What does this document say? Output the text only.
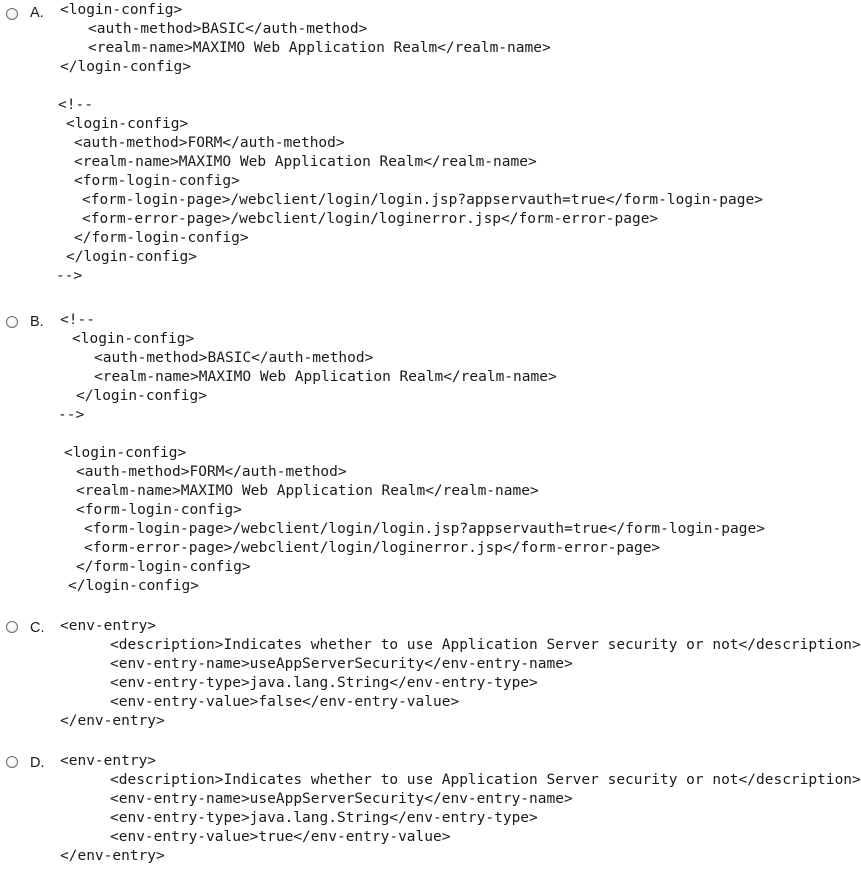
A. <login-config>
<auth-method>BASIC</auth-method>
<realm-name>MAXIMO Web Application Realm</realm-name>
</login-config>
<!--
<login-config>
<auth-method>FORM</auth-method>
<realm-name>MAXIMO Web Application Realm</realm-name>
<form-login-config>
<form-login-page>/webclient/login/login.jsp?appservauth=true</form-login-page>
<form-error-page>/webclient/login/loginerror.jsp</form-error-page>
</form-login-config>
</login-config>
-->
B. <!--
<login-config>
<auth-method>BASIC</auth-method>
<realm-name>MAXIMO Web Application Realm</realm-name>
</login-config>
-->
<login-config>
<auth-method>FORM</auth-method>
<realm-name>MAXIMO Web Application Realm</realm-name>
<form-login-config>
<form-login-page>/webclient/login/login.jsp?appservauth=true</form-login-page>
<form-error-page>/webclient/login/loginerror.jsp</form-error-page>
</form-login-config>
</login-config>
C. <env-entry>
<description>Indicates whether to use Application Server security or not</description>
<env-entry-name>useAppServerSecurity</env-entry-name>
<env-entry-type>java.lang.String</env-entry-type>
<env-entry-value>false</env-entry-value>
</env-entry>
D. <env-entry>
<description>Indicates whether to use Application Server security or not</description>
<env-entry-name>useAppServerSecurity</env-entry-name>
<env-entry-type>java.lang.String</env-entry-type>
<env-entry-value>true</env-entry-value>
</env-entry>
